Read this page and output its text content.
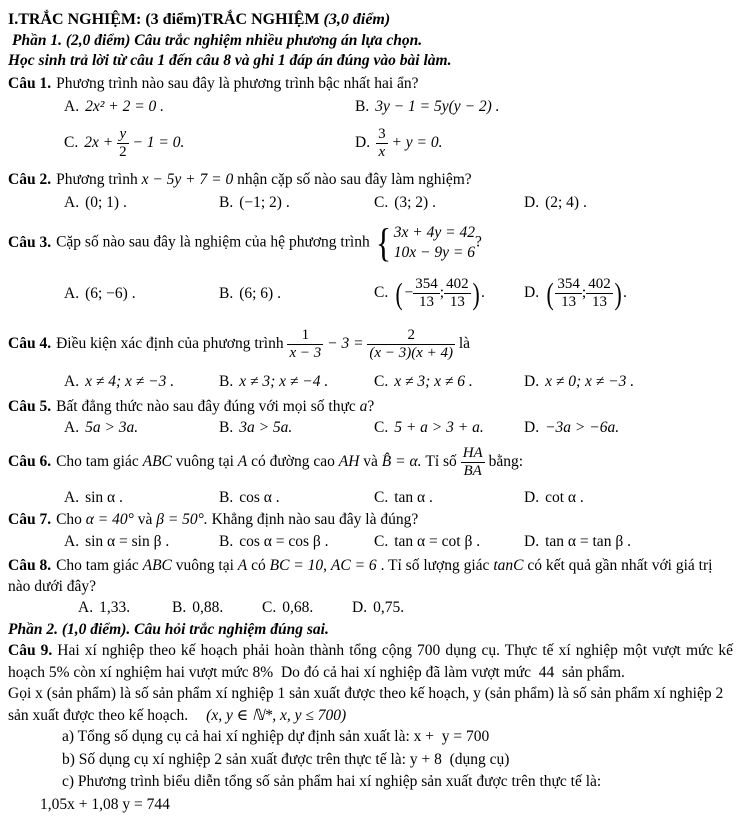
I.TRẮC NGHIỆM: (3 điểm)TRẮC NGHIỆM (3,0 điểm)

Phần 1. (2,0 điểm) Câu trắc nghiệm nhiều phương án lựa chọn.

Học sinh trả lời từ câu 1 đến câu 8 và ghi 1 đáp án đúng vào bài làm.

Câu 1. Phương trình nào sau đây là phương trình bậc nhất hai ẩn?

A. 2x² + 2 = 0 .	B. 3y − 1 = 5y(y − 2) .
C. $2x + \frac{y}{2} - 1 = 0$.	D. $\frac{3}{x} + y = 0$.

Câu 2. Phương trình x − 5y + 7 = 0 nhận cặp số nào sau đây làm nghiệm?

A. (0; 1) .	B. (−1; 2) .	C. (3; 2) .	D. (2; 4) .

Câu 3. Cặp số nào sau đây là nghiệm của hệ phương trình { 3x + 4y = 42
10x − 9y = 6
?

A. (6; −6) .	B. (6; 6) .	C. (− $\frac{354}{13}$ ; $\frac{402}{13}$ ).	D. ( $\frac{354}{13}$ ; $\frac{402}{13}$ ).

Câu 4. Điều kiện xác định của phương trình $\frac{1}{x - 3} - 3 = \frac{2}{(x - 3)(x + 4)}$ là

A. x ≠ 4; x ≠ −3 .	B. x ≠ 3; x ≠ −4 .	C. x ≠ 3; x ≠ 6 .	D. x ≠ 0; x ≠ −3 .

Câu 5. Bất đẳng thức nào sau đây đúng với mọi số thực a?

A. 5a > 3a.	B. 3a > 5a.	C. 5 + a > 3 + a.	D. −3a > −6a.

Câu 6. Cho tam giác ABC vuông tại A có đường cao AH và B̂ = α. Tỉ số $\frac{HA}{BA}$ bằng:

A. sin α .	B. cos α .	C. tan α .	D. cot α .

Câu 7. Cho α = 40° và β = 50°. Khẳng định nào sau đây là đúng?

A. sin α = sin β .	B. cos α = cos β .	C. tan α = cot β .	D. tan α = tan β .

Câu 8. Cho tam giác ABC vuông tại A có BC = 10, AC = 6 . Tỉ số lượng giác tanC có kết quả gần nhất với giá trị nào dưới đây?

A. 1,33.	B. 0,88.	C. 0,68.	D. 0,75.

Phần 2. (1,0 điểm). Câu hỏi trắc nghiệm đúng sai.

Câu 9. Hai xí nghiệp theo kế hoạch phải hoàn thành tổng cộng 700 dụng cụ. Thực tế xí nghiệp một vượt mức kế hoạch 5% còn xí nghiệm hai vượt mức 8%  Do đó cả hai xí nghiệp đã làm vượt mức  44  sản phẩm.

Gọi x (sản phẩm) là số sản phẩm xí nghiệp 1 sản xuất được theo kế hoạch, y (sản phẩm) là số sản phẩm xí nghiệp 2 sản xuất được theo kế hoạch. (x, y ∈ ℕ*, x, y ≤ 700)

a) Tổng số dụng cụ cả hai xí nghiệp dự định sản xuất là: x +  y = 700

b) Số dụng cụ xí nghiệp 2 sản xuất được trên thực tế là: y + 8  (dụng cụ)

c) Phương trình biểu diễn tổng số sản phẩm hai xí nghiệp sản xuất được trên thực tế là:

1,05x + 1,08 y = 744
